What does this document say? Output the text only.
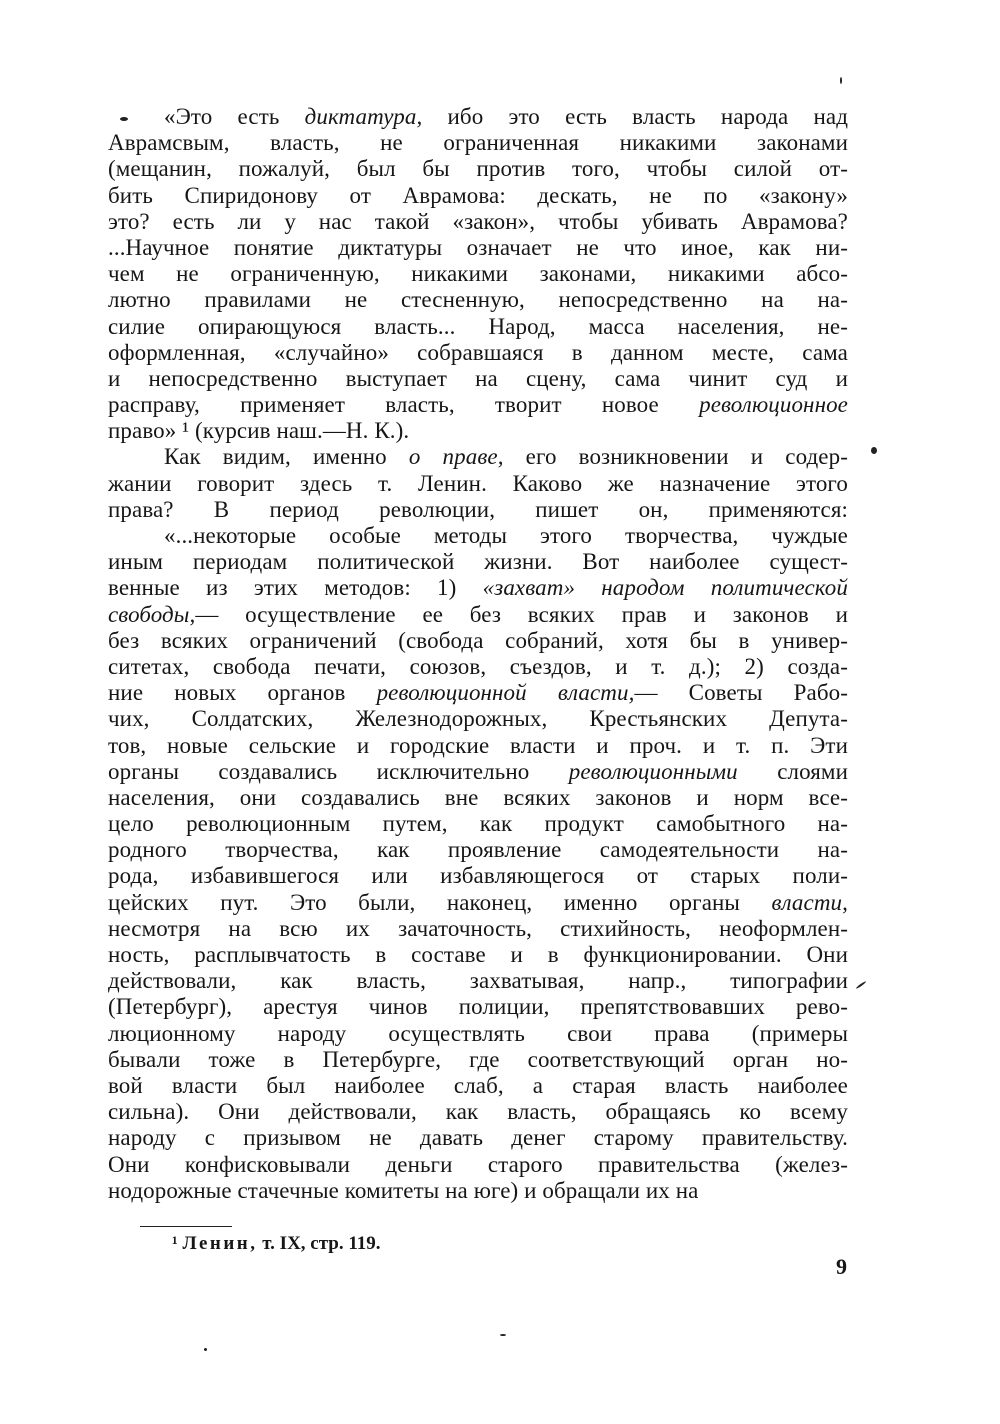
«Это есть диктатура, ибо это есть власть народа над
Аврамсвым, власть, не ограниченная никакими законами
(мещанин, пожалуй, был бы против того, чтобы силой от-
бить Спиридонову от Аврамова: дескать, не по «закону»
это? есть ли у нас такой «закон», чтобы убивать Аврамова?
...Научное понятие диктатуры означает не что иное, как ни-
чем не ограниченную, никакими законами, никакими абсо-
лютно правилами не стесненную, непосредственно на на-
силие опирающуюся власть... Народ, масса населения, не-
оформленная, «случайно» собравшаяся в данном месте, сама
и непосредственно выступает на сцену, сама чинит суд и
расправу, применяет власть, творит новое революционное
право» ¹ (курсив наш.—Н. К.).
Как видим, именно о праве, его возникновении и содер-
жании говорит здесь т. Ленин. Каково же назначение этого
права? В период революции, пишет он, применяются:
«...некоторые особые методы этого творчества, чуждые
иным периодам политической жизни. Вот наиболее сущест-
венные из этих методов: 1) «захват» народом политической
свободы,— осуществление ее без всяких прав и законов и
без всяких ограничений (свобода собраний, хотя бы в универ-
ситетах, свобода печати, союзов, съездов, и т. д.); 2) созда-
ние новых органов революционной власти,— Советы Рабо-
чих, Солдатских, Железнодорожных, Крестьянских Депута-
тов, новые сельские и городские власти и проч. и т. п. Эти
органы создавались исключительно революционными слоями
населения, они создавались вне всяких законов и норм все-
цело революционным путем, как продукт самобытного на-
родного творчества, как проявление самодеятельности на-
рода, избавившегося или избавляющегося от старых поли-
цейских пут. Это были, наконец, именно органы власти,
несмотря на всю их зачаточность, стихийность, неоформлен-
ность, расплывчатость в составе и в функционировании. Они
действовали, как власть, захватывая, напр., типографии
(Петербург), арестуя чинов полиции, препятствовавших рево-
люционному народу осуществлять свои права (примеры
бывали тоже в Петербурге, где соответствующий орган но-
вой власти был наиболее слаб, а старая власть наиболее
сильна). Они действовали, как власть, обращаясь ко всему
народу с призывом не давать денег старому правительству.
Они конфисковывали деньги старого правительства (желез-
нодорожные стачечные комитеты на юге) и обращали их на
¹ Ленин, т. IX, стр. 119.
9
